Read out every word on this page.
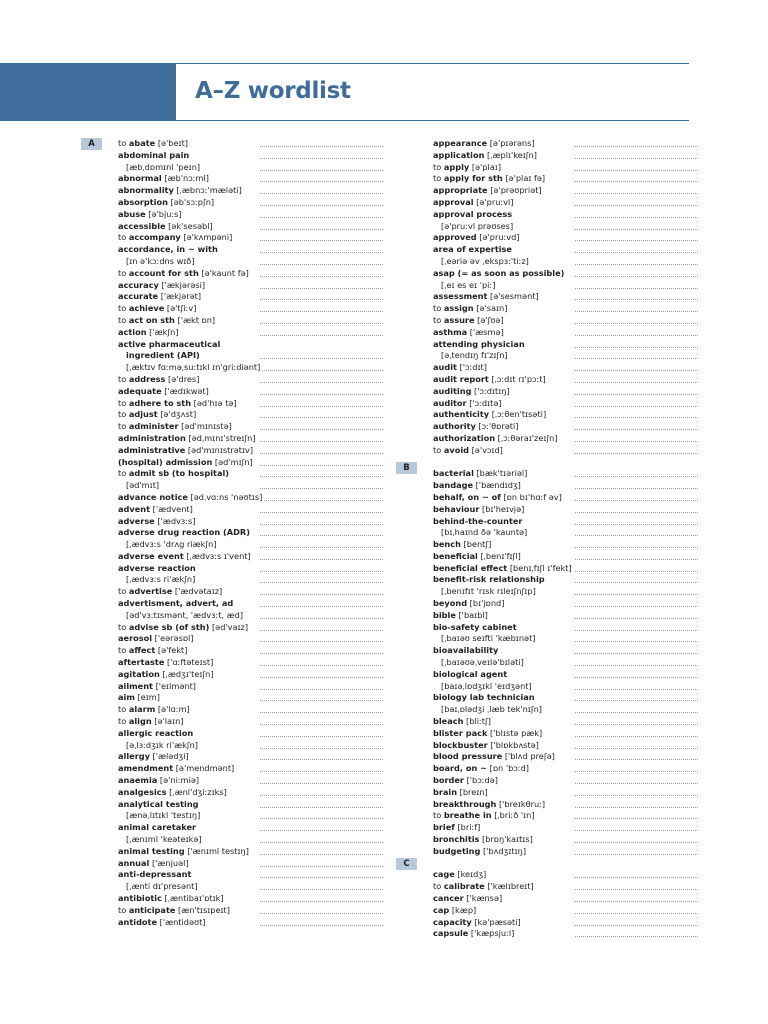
A–Z wordlist
A
B
C
to abate [ə'beɪt]
abdominal pain
[æbˌdɒmɪnl 'peɪn]
abnormal [æb'nɔːml]
abnormality [ˌæbnɔː'mæləti]
absorption [əb'sɔːpʃn]
abuse [ə'bjuːs]
accessible [ək'sesəbl]
to accompany [ə'kʌmpəni]
accordance, in ~ with
[ɪn ə'kɔːdns wɪð]
to account for sth [ə'kaunt fə]
accuracy ['ækjərəsi]
accurate ['ækjərət]
to achieve [ə'tʃiːv]
to act on sth ['ækt ɒn]
action ['ækʃn]
active pharmaceutical
ingredient (API)
[ˌæktɪv fɑːməˌsuːtɪkl ɪn'griːdiənt]
to address [ə'dres]
adequate ['ædɪkwət]
to adhere to sth [əd'hɪə tə]
to adjust [ə'dʒʌst]
to administer [əd'mɪnɪstə]
administration [ədˌmɪnɪ'streɪʃn]
administrative [əd'mɪnɪstrətɪv]
(hospital) admission [əd'mɪʃn]
to admit sb (to hospital)
[əd'mɪt]
advance notice [ədˌvɑːns 'nəʊtɪs]
advent ['ædvent]
adverse ['ædvɜːs]
adverse drug reaction (ADR)
[ˌædvɜːs 'drʌg riækʃn]
adverse event [ˌædvɜːs ɪ'vent]
adverse reaction
[ˌædvɜːs ri'ækʃn]
to advertise ['ædvətaɪz]
advertisment, advert, ad
[əd'vɜːtɪsmənt, 'ædvɜːt, æd]
to advise sb (of sth) [əd'vaɪz]
aerosol ['eərəsɒl]
to affect [ə'fekt]
aftertaste ['ɑːftəteɪst]
agitation [ˌædʒɪ'teɪʃn]
ailment ['eɪlmənt]
aim [eɪm]
to alarm [ə'lɑːm]
to align [ə'laɪn]
allergic reaction
[əˌlɜːdʒɪk ri'ækʃn]
allergy ['ælədʒi]
amendment [ə'mendmənt]
anaemia [ə'niːmiə]
analgesics [ˌænl'dʒiːzɪks]
analytical testing
[ænəˌlɪtɪkl 'testɪŋ]
animal caretaker
[ˌænɪml 'keəteɪkə]
animal testing ['ænɪml testɪŋ]
annual ['ænjuəl]
anti-depressant
[ˌænti dɪ'presənt]
antibiotic [ˌæntibaɪ'ɒtɪk]
to anticipate [æn'tɪsɪpeɪt]
antidote ['æntidəʊt]
appearance [ə'pɪərəns]
application [ˌæplɪ'keɪʃn]
to apply [ə'plaɪ]
to apply for sth [ə'plaɪ fə]
appropriate [ə'prəʊpriət]
approval [ə'pruːvl]
approval process
[ə'pruːvl prəʊses]
approved [ə'pruːvd]
area of expertise
[ˌeəriə əv ˌekspɜː'tiːz]
asap (= as soon as possible)
[ˌeɪ es eɪ 'piː]
assessment [ə'sesmənt]
to assign [ə'saɪn]
to assure [ə'ʃʊə]
asthma ['æsmə]
attending physician
[əˌtendɪŋ fɪ'zɪʃn]
audit ['ɔːdɪt]
audit report [ˌɔːdɪt rɪ'pɔːt]
auditing ['ɔːdɪtɪŋ]
auditor ['ɔːdɪtə]
authenticity [ˌɔːθen'tɪsəti]
authority [ɔː'θɒrəti]
authorization [ˌɔːθəraɪ'zeɪʃn]
to avoid [ə'vɔɪd]
bacterial [bæk'tɪəriəl]
bandage ['bændɪdʒ]
behalf, on ~ of [ɒn bɪ'hɑːf əv]
behaviour [bɪ'heɪvjə]
behind-the-counter
[bɪˌhaɪnd ðə 'kauntə]
bench [bentʃ]
beneficial [ˌbenɪ'fɪʃl]
beneficial effect [benɪˌfɪʃl ɪ'fekt]
benefit-risk relationship
[ˌbenɪfɪt 'rɪsk rɪleɪʃnʃɪp]
beyond [bɪ'jɒnd]
bible ['baɪbl]
bio-safety cabinet
[ˌbaɪəʊ seɪfti 'kæbɪnət]
bioavailability
[ˌbaɪəʊəˌveɪlə'bɪləti]
biological agent
[baɪəˌlɒdʒɪkl 'eɪdʒənt]
biology lab technician
[baɪˌɒlədʒi ˌlæb tek'nɪʃn]
bleach [bliːtʃ]
blister pack ['blɪstə pæk]
blockbuster ['blɒkbʌstə]
blood pressure ['blʌd preʃə]
board, on ~ [ɒn 'bɔːd]
border ['bɔːdə]
brain [breɪn]
breakthrough ['breɪkθruː]
to breathe in [ˌbriːð 'ɪn]
brief [briːf]
bronchitis [brɒŋ'kaɪtɪs]
budgeting ['bʌdʒɪtɪŋ]
cage [keɪdʒ]
to calibrate ['kælɪbreɪt]
cancer ['kænsə]
cap [kæp]
capacity [kə'pæsəti]
capsule ['kæpsjuːl]
